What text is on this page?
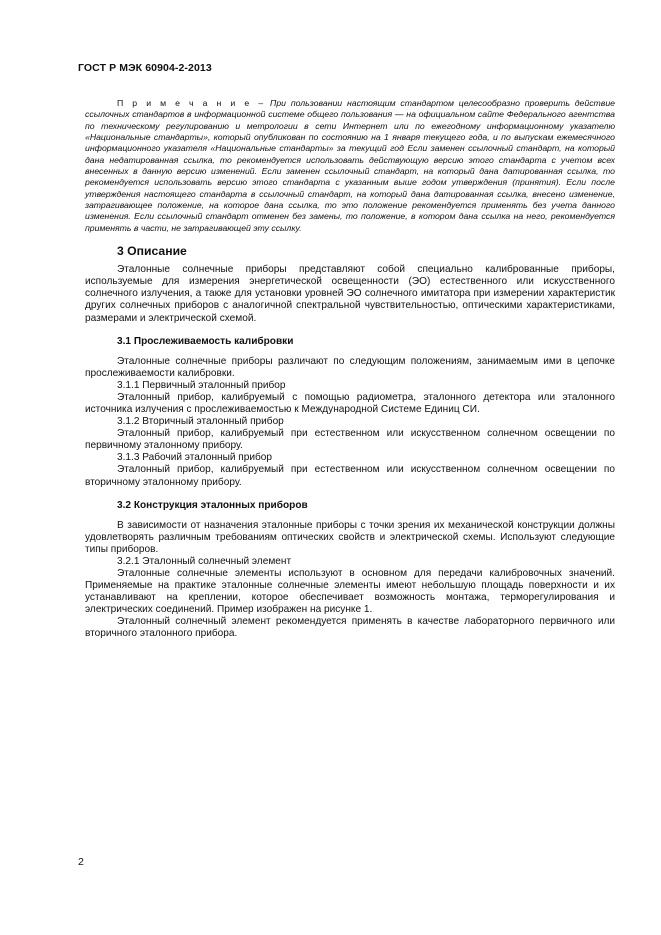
ГОСТ Р МЭК 60904-2-2013

П р и м е ч а н и е – При пользовании настоящим стандартом целесообразно проверить действие ссылочных стандартов в информационной системе общего пользования — на официальном сайте Федерального агентства по техническому регулированию и метрологии в сети Интернет или по ежегодному информационному указателю «Национальные стандарты», который опубликован по состоянию на 1 января текущего года, и по выпускам ежемесячного информационного указателя «Национальные стандарты» за текущий год Если заменен ссылочный стандарт, на который дана недатированная ссылка, то рекомендуется использовать действующую версию этого стандарта с учетом всех внесенных в данную версию изменений. Если заменен ссылочный стандарт, на который дана датированная ссылка, то рекомендуется использовать версию этого стандарта с указанным выше годом утверждения (принятия). Если после утверждения настоящего стандарта в ссылочный стандарт, на который дана датированная ссылка, внесено изменение, затрагивающее положение, на которое дана ссылка, то это положение рекомендуется применять без учета данного изменения. Если ссылочный стандарт отменен без замены, то положение, в котором дана ссылка на него, рекомендуется применять в части, не затрагивающей эту ссылку.

3 Описание

Эталонные солнечные приборы представляют собой специально калиброванные приборы, используемые для измерения энергетической освещенности (ЭО) естественного или искусственного солнечного излучения, а также для установки уровней ЭО солнечного имитатора при измерении характеристик других солнечных приборов с аналогичной спектральной чувствительностью, оптическими характеристиками, размерами и электрической схемой.

3.1 Прослеживаемость калибровки

Эталонные солнечные приборы различают по следующим положениям, занимаемым ими в цепочке прослеживаемости калибровки.

3.1.1 Первичный эталонный прибор

Эталонный прибор, калибруемый с помощью радиометра, эталонного детектора или эталонного источника излучения с прослеживаемостью к Международной Системе Единиц СИ.

3.1.2 Вторичный эталонный прибор

Эталонный прибор, калибруемый при естественном или искусственном солнечном освещении по первичному эталонному прибору.

3.1.3 Рабочий эталонный прибор

Эталонный прибор, калибруемый при естественном или искусственном солнечном освещении по вторичному эталонному прибору.

3.2 Конструкция эталонных приборов

В зависимости от назначения эталонные приборы с точки зрения их механической конструкции должны удовлетворять различным требованиям оптических свойств и электрической схемы. Используют следующие типы приборов.

3.2.1 Эталонный солнечный элемент

Эталонные солнечные элементы используют в основном для передачи калибровочных значений. Применяемые на практике эталонные солнечные элементы имеют небольшую площадь поверхности и их устанавливают на креплении, которое обеспечивает возможность монтажа, терморегулирования и электрических соединений. Пример изображен на рисунке 1.

Эталонный солнечный элемент рекомендуется применять в качестве лабораторного первичного или вторичного эталонного прибора.

2
